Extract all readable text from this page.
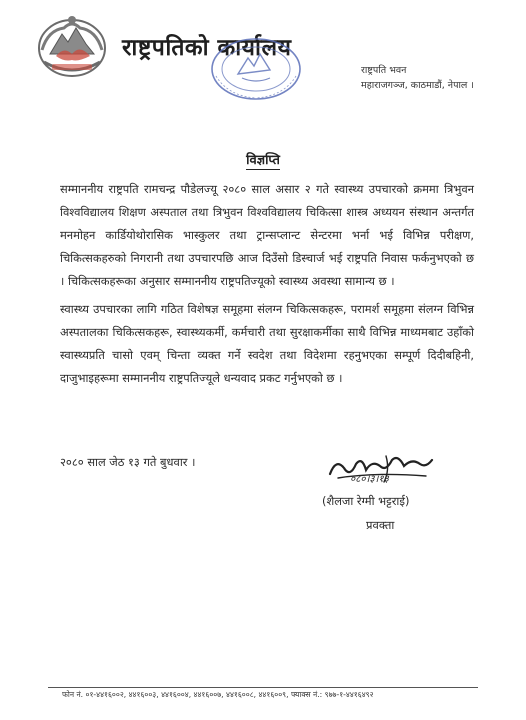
राष्ट्रपतिको कार्यालय
राष्ट्रपति भवन
महाराजगञ्ज, काठमाडौं, नेपाल ।
विज्ञप्ति
सम्माननीय राष्ट्रपति रामचन्द्र पौडेलज्यू २०८० साल असार २ गते स्वास्थ्य उपचारको क्रममा त्रिभुवन विश्वविद्यालय शिक्षण अस्पताल तथा त्रिभुवन विश्वविद्यालय चिकित्सा शास्त्र अध्ययन संस्थान अन्तर्गत मनमोहन कार्डियोथोरासिक भास्कुलर तथा ट्रान्सप्लान्ट सेन्टरमा भर्ना भई विभिन्न परीक्षण, चिकित्सकहरुको निगरानी तथा उपचारपछि आज दिउँसो डिस्चार्ज भई राष्ट्रपति निवास फर्कनुभएको छ । चिकित्सकहरूका अनुसार सम्माननीय राष्ट्रपतिज्यूको स्वास्थ्य अवस्था सामान्य छ ।
स्वास्थ्य उपचारका लागि गठित विशेषज्ञ समूहमा संलग्न चिकित्सकहरू, परामर्श समूहमा संलग्न विभिन्न अस्पतालका चिकित्सकहरू, स्वास्थ्यकर्मी, कर्मचारी तथा सुरक्षाकर्मीका साथै विभिन्न माध्यमबाट उहाँको स्वास्थ्यप्रति चासो एवम् चिन्ता व्यक्त गर्ने स्वदेश तथा विदेशमा रहनुभएका सम्पूर्ण दिदीबहिनी, दाजुभाइहरूमा सम्माननीय राष्ट्रपतिज्यूले धन्यवाद प्रकट गर्नुभएको छ ।
२०८० साल जेठ १३ गते बुधवार ।
०८०।३।१३
(शैलजा रेग्मी भट्टराई)
प्रवक्ता
फोन नं. ०१-४४१६००२, ४४१६००३, ४४१६००४, ४४१६००७, ४४१६००८, ४४१६००९, फ्याक्स नं.: ९७७-१-४४१६४९२
